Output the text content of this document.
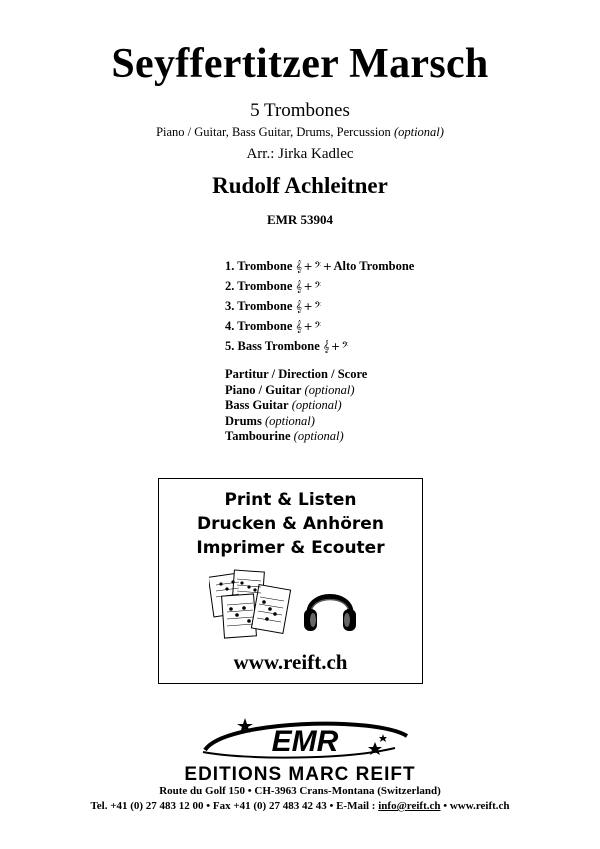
Seyffertitzer Marsch
5 Trombones
Piano / Guitar, Bass Guitar, Drums, Percussion (optional)
Arr.: Jirka Kadlec
Rudolf Achleitner
EMR 53904
1. Trombone 𝄞 + 𝄢 + Alto Trombone
2. Trombone 𝄞 + 𝄢
3. Trombone 𝄞 + 𝄢
4. Trombone 𝄞 + 𝄢
5. Bass Trombone 𝄞 + 𝄢
Partitur / Direction / Score
Piano / Guitar (optional)
Bass Guitar (optional)
Drums (optional)
Tambourine (optional)
Print & Listen
Drucken & Anhören
Imprimer & Ecouter
www.reift.ch
EMR
EDITIONS MARC REIFT
Route du Golf 150 • CH-3963 Crans-Montana (Switzerland)
Tel. +41 (0) 27 483 12 00 • Fax +41 (0) 27 483 42 43 • E-Mail : info@reift.ch • www.reift.ch
